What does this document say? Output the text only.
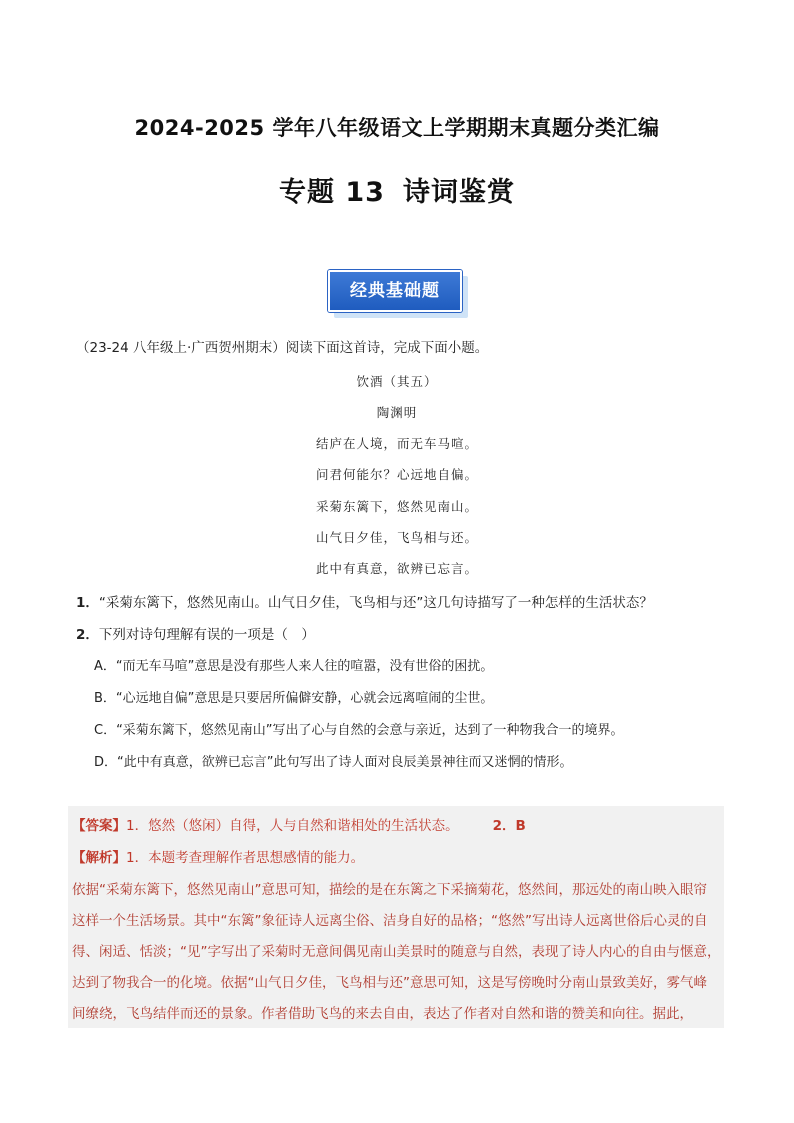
2024-2025 学年八年级语文上学期期末真题分类汇编
专题 13 诗词鉴赏
经典基础题
（23-24 八年级上·广西贺州期末）阅读下面这首诗，完成下面小题。
饮酒（其五）
陶渊明
结庐在人境，而无车马喧。
问君何能尔？心远地自偏。
采菊东篱下，悠然见南山。
山气日夕佳，飞鸟相与还。
此中有真意，欲辨已忘言。
1．“采菊东篱下，悠然见南山。山气日夕佳，飞鸟相与还”这几句诗描写了一种怎样的生活状态？
2．下列对诗句理解有误的一项是（　）
A．“而无车马喧”意思是没有那些人来人往的喧嚣，没有世俗的困扰。
B．“心远地自偏”意思是只要居所偏僻安静，心就会远离喧闹的尘世。
C．“采菊东篱下，悠然见南山”写出了心与自然的会意与亲近，达到了一种物我合一的境界。
D．“此中有真意，欲辨已忘言”此句写出了诗人面对良辰美景神往而又迷惘的情形。
【答案】1．悠然（悠闲）自得，人与自然和谐相处的生活状态。	2．B
【解析】1．本题考查理解作者思想感情的能力。
依据“采菊东篱下，悠然见南山”意思可知，描绘的是在东篱之下采摘菊花，悠然间，那远处的南山映入眼帘
这样一个生活场景。其中“东篱”象征诗人远离尘俗、洁身自好的品格；“悠然”写出诗人远离世俗后心灵的自
得、闲适、恬淡；“见”字写出了采菊时无意间偶见南山美景时的随意与自然，表现了诗人内心的自由与惬意，
达到了物我合一的化境。依据“山气日夕佳，飞鸟相与还”意思可知，这是写傍晚时分南山景致美好，雾气峰
间缭绕，飞鸟结伴而还的景象。作者借助飞鸟的来去自由，表达了作者对自然和谐的赞美和向往。据此，
